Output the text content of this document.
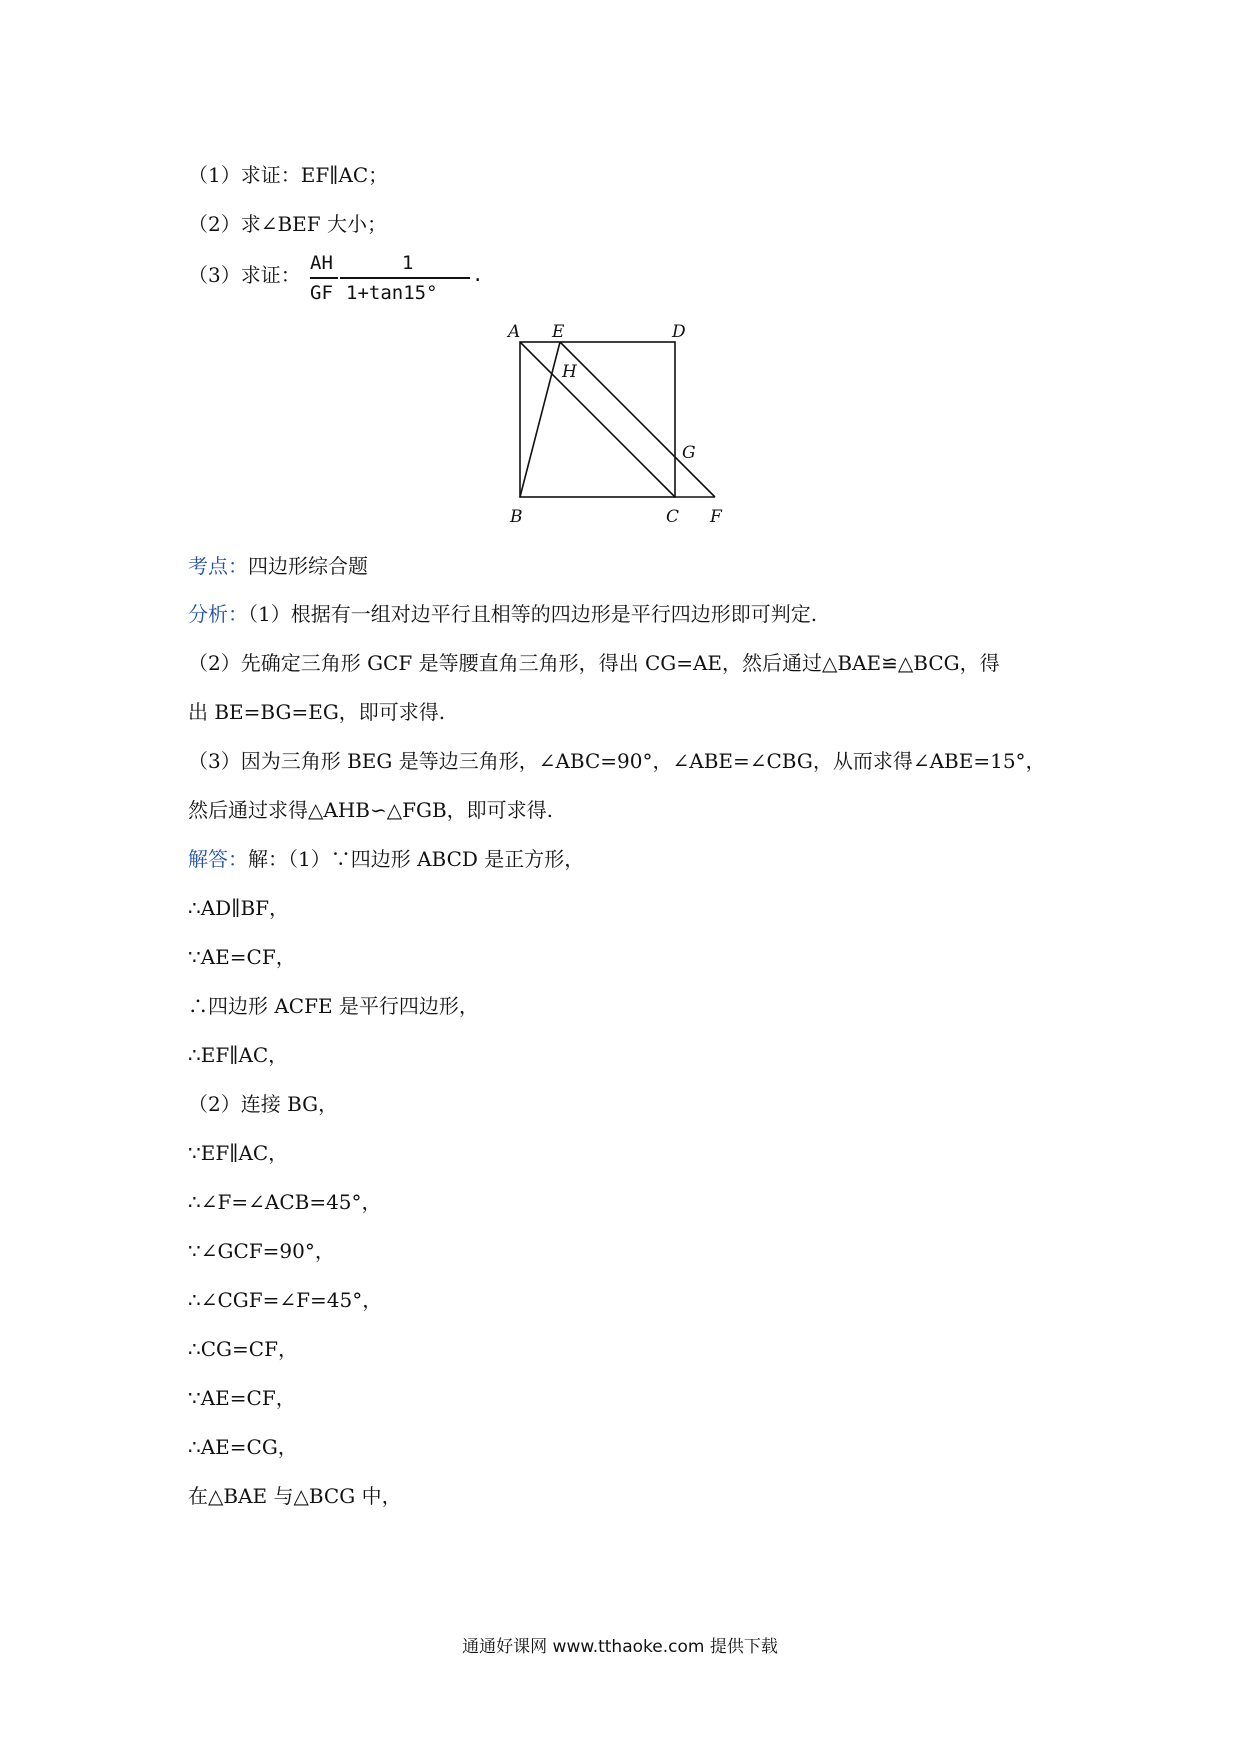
（1）求证：EF∥AC；
（2）求∠BEF 大小；
（3）求证： AH
GF
1
1+tan15°
.
A E	D
H
G
B	C F
考点：四边形综合题
分析：（1）根据有一组对边平行且相等的四边形是平行四边形即可判定.
（2）先确定三角形 GCF 是等腰直角三角形，得出 CG=AE，然后通过△BAE≌△BCG，得
出 BE=BG=EG，即可求得.
（3）因为三角形 BEG 是等边三角形，∠ABC=90°，∠ABE=∠CBG，从而求得∠ABE=15°，
然后通过求得△AHB∽△FGB，即可求得.
解答：解：（1）∵四边形 ABCD 是正方形，
∴AD∥BF，
∵AE=CF，
∴四边形 ACFE 是平行四边形，
∴EF∥AC，
（2）连接 BG，
∵EF∥AC，
∴∠F=∠ACB=45°，
∵∠GCF=90°，
∴∠CGF=∠F=45°，
∴CG=CF，
∵AE=CF，
∴AE=CG，
在△BAE 与△BCG 中，
通通好课网 www.tthaoke.com 提供下载
